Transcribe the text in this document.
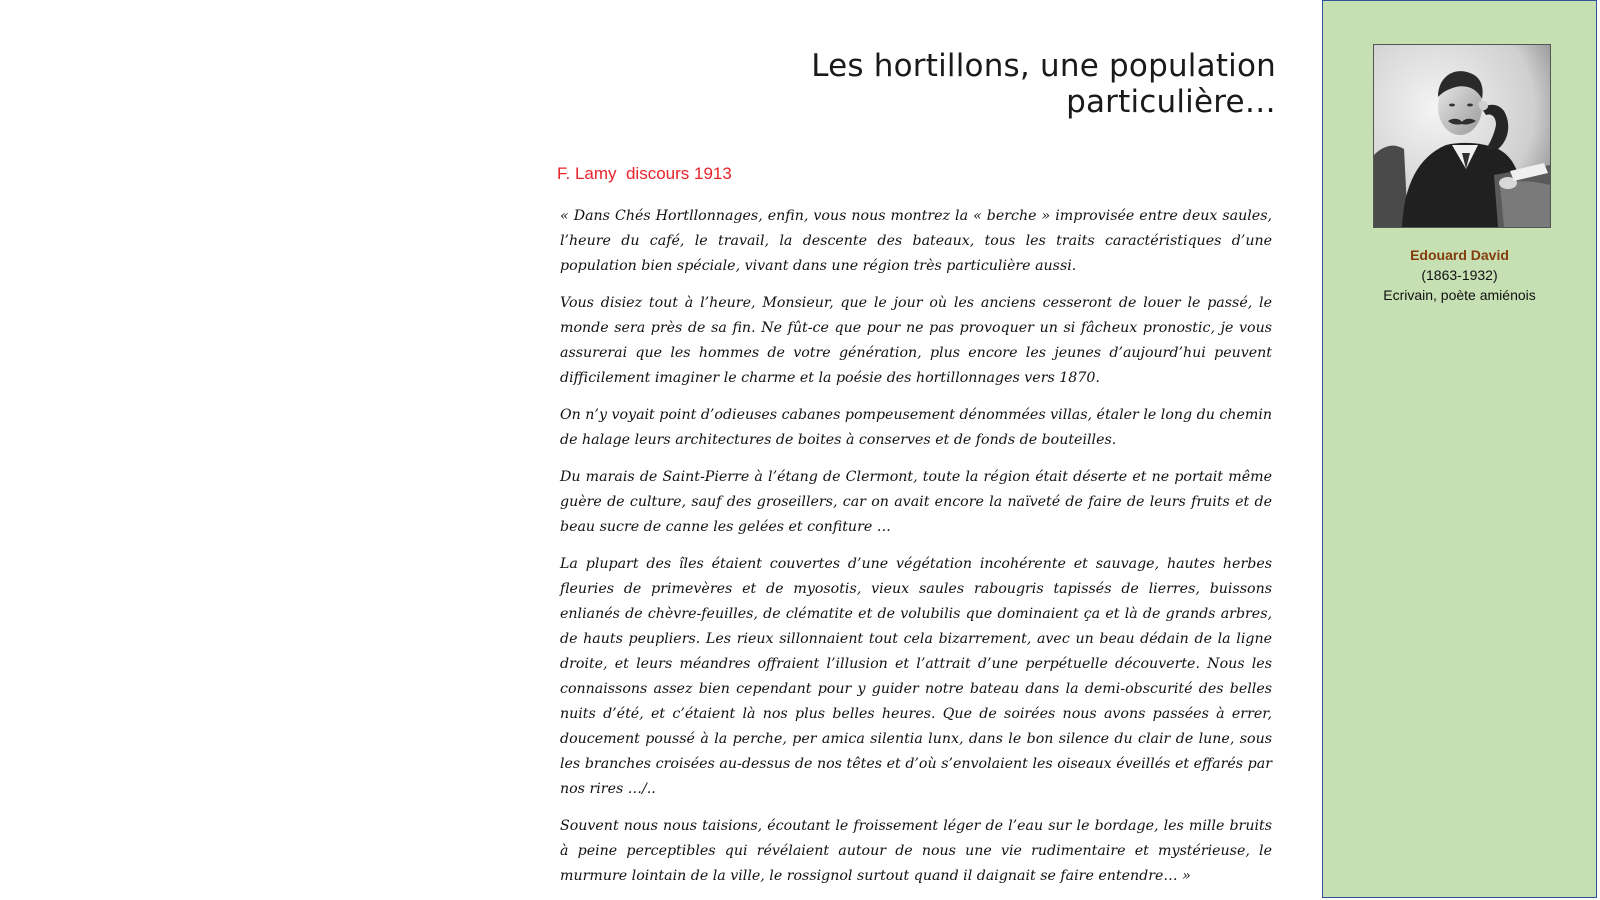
Les hortillons, une population particulière…
F. Lamy  discours 1913

« Dans Chés Hortllonnages, enfin, vous nous montrez la « berche » improvisée entre deux saules, l’heure du café, le travail, la descente des bateaux, tous les traits caractéristiques d’une population bien spéciale, vivant dans une région très particulière aussi.

Vous disiez tout à l’heure, Monsieur, que le jour où les anciens cesseront de louer le passé, le monde sera près de sa fin. Ne fût-ce que pour ne pas provoquer un si fâcheux pronostic, je vous assurerai que les hommes de votre génération, plus encore les jeunes d’aujourd’hui peuvent difficilement imaginer le charme et la poésie des hortillonnages vers 1870.

On n’y voyait point d’odieuses cabanes pompeusement dénommées villas, étaler le long du chemin de halage leurs architectures de boites à conserves et de fonds de bouteilles.

Du marais de Saint-Pierre à l’étang de Clermont, toute la région était déserte et ne portait même guère de culture, sauf des groseillers, car on avait encore la naïveté de faire de leurs fruits et de beau sucre de canne les gelées et confiture …

La plupart des îles étaient couvertes d’une végétation incohérente et sauvage, hautes herbes fleuries de primevères et de myosotis, vieux saules rabougris tapissés de lierres, buissons enlianés de chèvre-feuilles, de clématite et de volubilis que dominaient ça et là de grands arbres, de hauts peupliers. Les rieux sillonnaient tout cela bizarrement, avec un beau dédain de la ligne droite, et leurs méandres offraient l’illusion et l’attrait d’une perpétuelle découverte. Nous les connaissons assez bien cependant pour y guider notre bateau dans la demi-obscurité des belles nuits d’été, et c’étaient là nos plus belles heures. Que de soirées nous avons passées à errer, doucement poussé à la perche, per amica silentia lunx, dans le bon silence du clair de lune, sous les branches croisées au-dessus de nos têtes et d’où s’envolaient les oiseaux éveillés et effarés par nos rires …/..

Souvent nous nous taisions, écoutant le froissement léger de l’eau sur le bordage, les mille bruits à peine perceptibles qui révélaient autour de nous une vie rudimentaire et mystérieuse, le murmure lointain de la ville, le rossignol surtout quand il daignait se faire entendre… »

Edouard David
(1863-1932)
Ecrivain, poète amiénois
